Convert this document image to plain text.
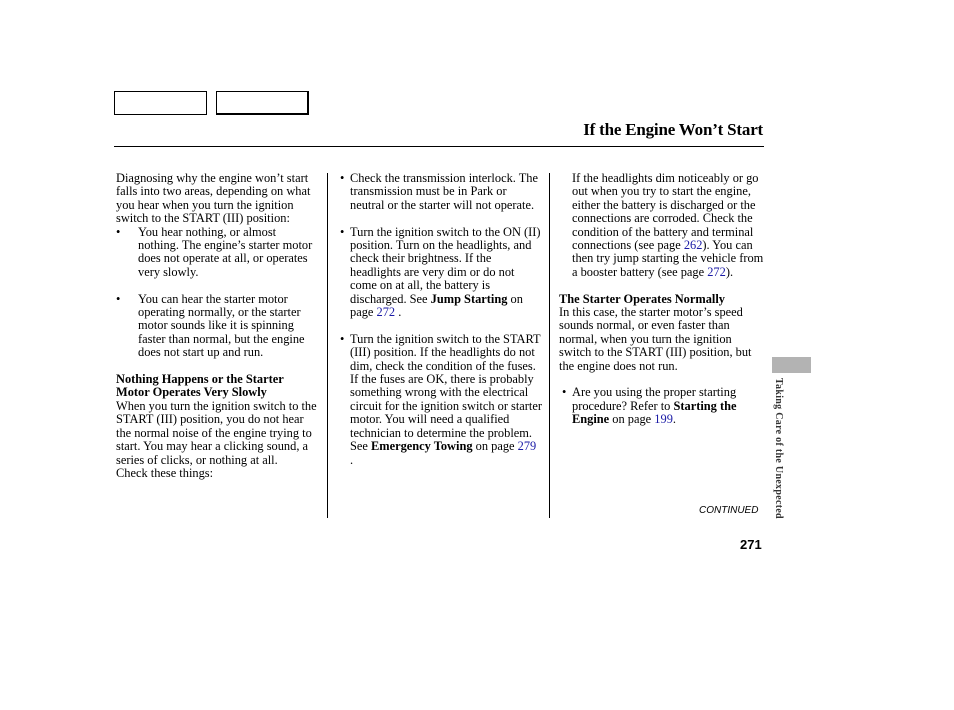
If the Engine Won’t Start

Diagnosing why the engine won’t start falls into two areas, depending on what you hear when you turn the ignition switch to the START (III) position:

•	You hear nothing, or almost nothing. The engine’s starter motor does not operate at all, or operates very slowly.

•	You can hear the starter motor operating normally, or the starter motor sounds like it is spinning faster than normal, but the engine does not start up and run.

Nothing Happens or the Starter Motor Operates Very Slowly

When you turn the ignition switch to the START (III) position, you do not hear the normal noise of the engine trying to start. You may hear a clicking sound, a series of clicks, or nothing at all.

Check these things:

• Check the transmission interlock. The transmission must be in Park or neutral or the starter will not operate.

• Turn the ignition switch to the ON (II) position. Turn on the headlights, and check their brightness. If the headlights are very dim or do not come on at all, the battery is discharged. See Jump Starting on page 272 .

• Turn the ignition switch to the START (III) position. If the headlights do not dim, check the condition of the fuses. If the fuses are OK, there is probably something wrong with the electrical circuit for the ignition switch or starter motor. You will need a qualified technician to determine the problem. See Emergency Towing on page 279 .

If the headlights dim noticeably or go out when you try to start the engine, either the battery is discharged or the connections are corroded. Check the condition of the battery and terminal connections (see page 262). You can then try jump starting the vehicle from a booster battery (see page 272).

The Starter Operates Normally

In this case, the starter motor’s speed sounds normal, or even faster than normal, when you turn the ignition switch to the START (III) position, but the engine does not run.

• Are you using the proper starting procedure? Refer to Starting the Engine on page 199.	Taking Care of the Unexpected
CONTINUED
271
